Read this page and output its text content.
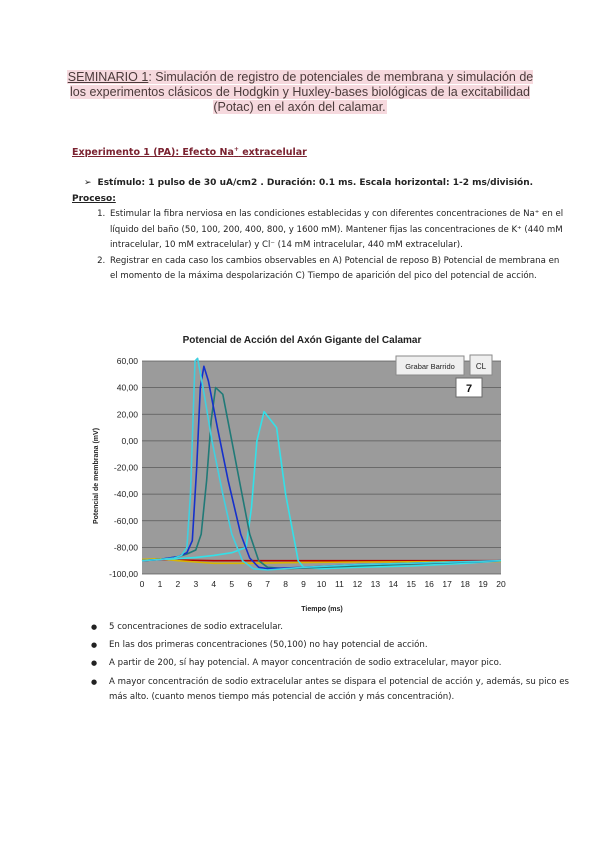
SEMINARIO 1: Simulación de registro de potenciales de membrana y simulación de los experimentos clásicos de Hodgkin y Huxley-bases biológicas de la excitabilidad (Potac) en el axón del calamar.
Experimento 1 (PA): Efecto Na+ extracelular
➢ Estímulo: 1 pulso de 30 uA/cm2 . Duración: 0.1 ms. Escala horizontal: 1-2 ms/división.
Proceso:
1. Estimular la fibra nerviosa en las condiciones establecidas y con diferentes concentraciones de Na⁺ en el líquido del baño (50, 100, 200, 400, 800, y 1600 mM). Mantener fijas las concentraciones de K⁺ (440 mM intracelular, 10 mM extracelular) y Cl⁻ (14 mM intracelular, 440 mM extracelular).
2. Registrar en cada caso los cambios observables en A) Potencial de reposo B) Potencial de membrana en el momento de la máxima despolarización C) Tiempo de aparición del pico del potencial de acción.
Potencial de Acción del Axón Gigante del Calamar
60,00
40,00
20,00
0,00
-20,00
-40,00
-60,00
-80,00
-100,00
0 1 2 3 4 5 6 7 8 9 10 11 12 13 14 15 16 17 18 19 20
Potencial de membrana (mV)
Tiempo (ms)
Grabar Barrido	CL
7
● 5 concentraciones de sodio extracelular.
● En las dos primeras concentraciones (50,100) no hay potencial de acción.
● A partir de 200, sí hay potencial. A mayor concentración de sodio extracelular, mayor pico.
● A mayor concentración de sodio extracelular antes se dispara el potencial de acción y, además, su pico es más alto. (cuanto menos tiempo más potencial de acción y más concentración).
